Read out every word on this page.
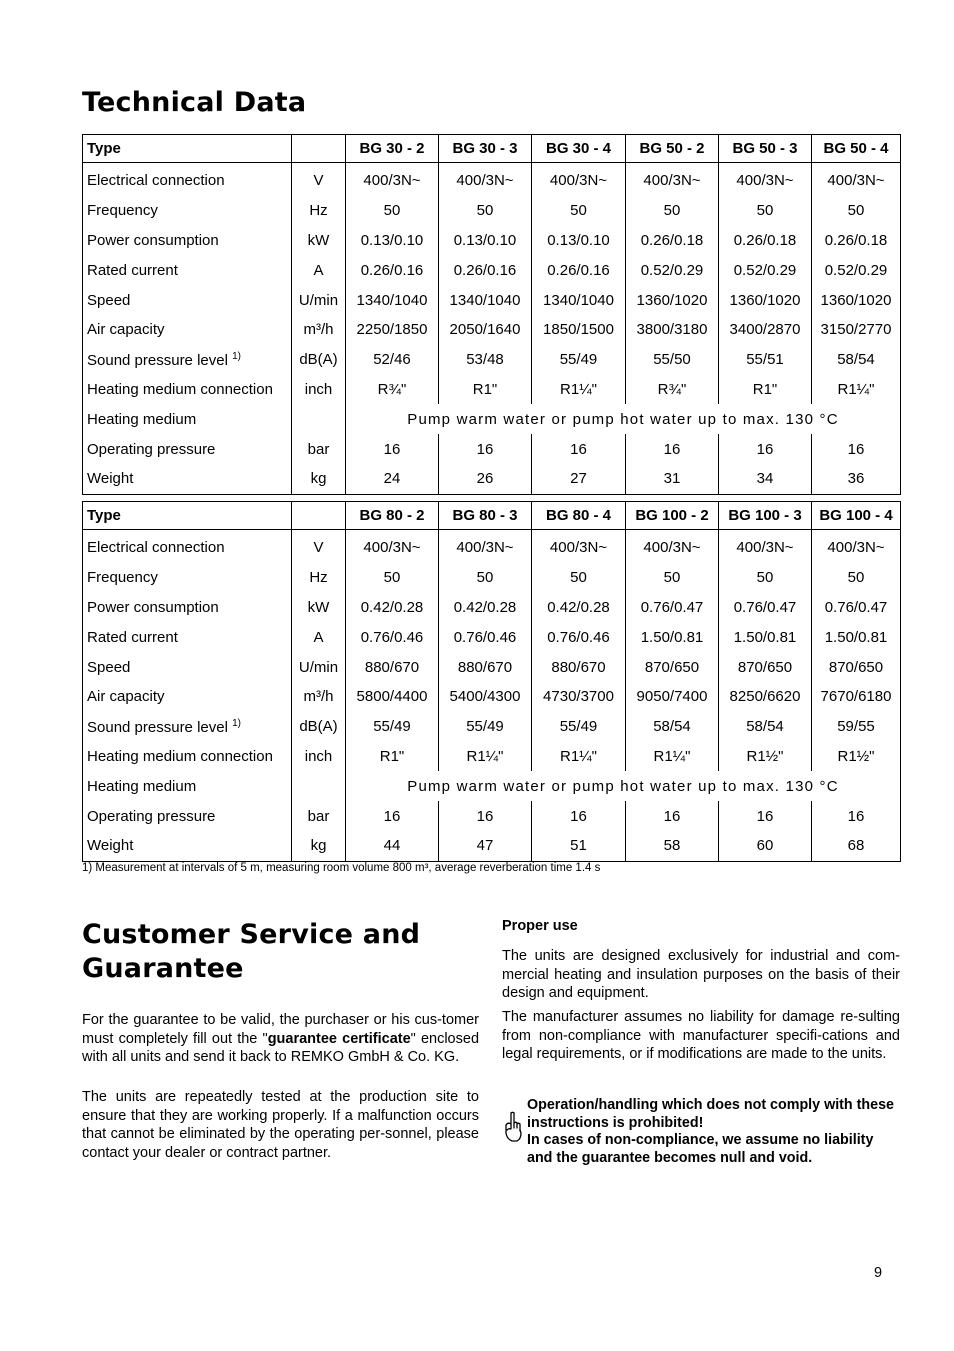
Technical Data
Type		BG 30 - 2	BG 30 - 3	BG 30 - 4	BG 50 - 2	BG 50 - 3	BG 50 - 4
Electrical connection	V	400/3N~	400/3N~	400/3N~	400/3N~	400/3N~	400/3N~
Frequency	Hz	50	50	50	50	50	50
Power consumption	kW	0.13/0.10	0.13/0.10	0.13/0.10	0.26/0.18	0.26/0.18	0.26/0.18
Rated current	A	0.26/0.16	0.26/0.16	0.26/0.16	0.52/0.29	0.52/0.29	0.52/0.29
Speed	U/min	1340/1040	1340/1040	1340/1040	1360/1020	1360/1020	1360/1020
Air capacity	m³/h	2250/1850	2050/1640	1850/1500	3800/3180	3400/2870	3150/2770
Sound pressure level $^{1)}$	dB(A)	52/46	53/48	55/49	55/50	55/51	58/54
Heating medium connection	inch	R¾"	R1"	R1¼"	R¾"	R1"	R1¼"
Heating medium		Pump warm water or pump hot water up to max. 130 °C					
Operating pressure	bar	16	16	16	16	16	16
Weight	kg	24	26	27	31	34	36
Type		BG 80 - 2	BG 80 - 3	BG 80 - 4	BG 100 - 2	BG 100 - 3	BG 100 - 4
Electrical connection	V	400/3N~	400/3N~	400/3N~	400/3N~	400/3N~	400/3N~
Frequency	Hz	50	50	50	50	50	50
Power consumption	kW	0.42/0.28	0.42/0.28	0.42/0.28	0.76/0.47	0.76/0.47	0.76/0.47
Rated current	A	0.76/0.46	0.76/0.46	0.76/0.46	1.50/0.81	1.50/0.81	1.50/0.81
Speed	U/min	880/670	880/670	880/670	870/650	870/650	870/650
Air capacity	m³/h	5800/4400	5400/4300	4730/3700	9050/7400	8250/6620	7670/6180
Sound pressure level $^{1)}$	dB(A)	55/49	55/49	55/49	58/54	58/54	59/55
Heating medium connection	inch	R1"	R1¼"	R1¼"	R1¼"	R1½"	R1½"
Heating medium		Pump warm water or pump hot water up to max. 130 °C					
Operating pressure	bar	16	16	16	16	16	16
Weight	kg	44	47	51	58	60	68
1) Measurement at intervals of 5 m, measuring room volume 800 m³, average reverberation time 1.4 s
Customer Service and Guarantee

For the guarantee to be valid, the purchaser or his cus-tomer must completely fill out the "guarantee certificate" enclosed with all units and send it back to REMKO GmbH & Co. KG.

The units are repeatedly tested at the production site to ensure that they are working properly. If a malfunction occurs that cannot be eliminated by the operating per-sonnel, please contact your dealer or contract partner.

Proper use

The units are designed exclusively for industrial and com-mercial heating and insulation purposes on the basis of their design and equipment.

The manufacturer assumes no liability for damage re-sulting from non-compliance with manufacturer specifi-cations and legal requirements, or if modifications are made to the units.

Operation/handling which does not comply with these instructions is prohibited!
In cases of non-compliance, we assume no liability and the guarantee becomes null and void.

9
